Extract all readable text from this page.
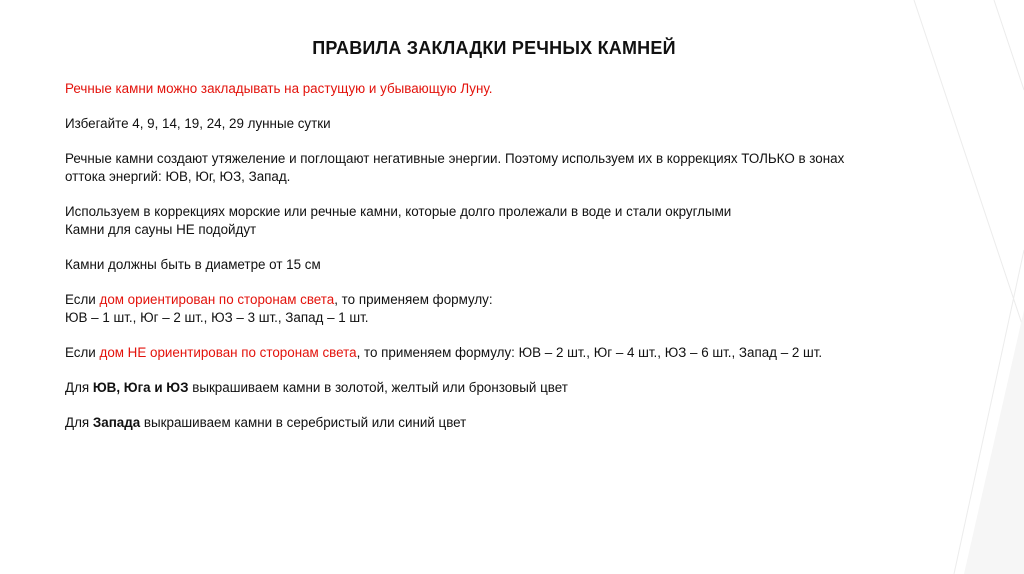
ПРАВИЛА ЗАКЛАДКИ РЕЧНЫХ КАМНЕЙ

Речные камни можно закладывать на растущую и убывающую Луну.

Избегайте 4, 9, 14, 19, 24, 29 лунные сутки

Речные камни создают утяжеление и поглощают негативные энергии. Поэтому используем их в коррекциях ТОЛЬКО в зонах
оттока энергий: ЮВ, Юг, ЮЗ, Запад.

Используем в коррекциях морские или речные камни, которые долго пролежали в воде и стали округлыми
Камни для сауны НЕ подойдут

Камни должны быть в диаметре от 15 см

Если дом ориентирован по сторонам света, то применяем формулу:
ЮВ – 1 шт., Юг – 2 шт., ЮЗ – 3 шт., Запад – 1 шт.

Если дом НЕ ориентирован по сторонам света, то применяем формулу: ЮВ – 2 шт., Юг – 4 шт., ЮЗ – 6 шт., Запад – 2 шт.

Для ЮВ, Юга и ЮЗ выкрашиваем камни в золотой, желтый или бронзовый цвет

Для Запада выкрашиваем камни в серебристый или синий цвет
